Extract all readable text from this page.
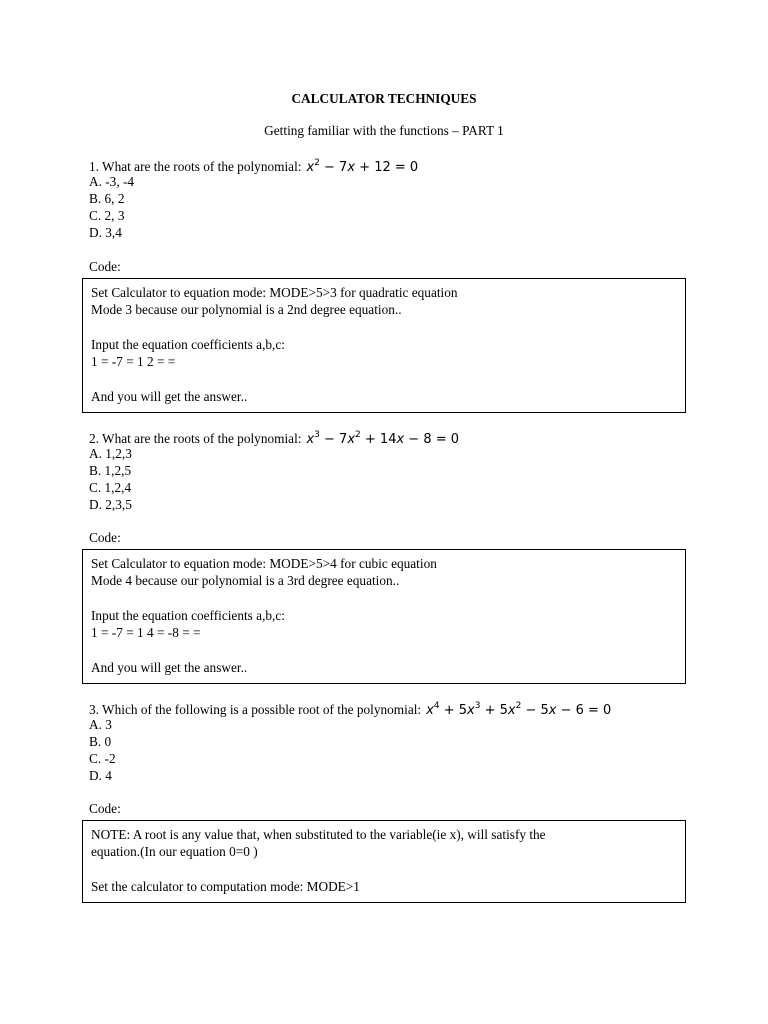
CALCULATOR TECHNIQUES
Getting familiar with the functions – PART 1
1. What are the roots of the polynomial: $x^2 - 7x + 12 = 0$
A. -3, -4
B. 6, 2
C. 2, 3
D. 3,4
Code:
Set Calculator to equation mode: MODE>5>3 for quadratic equation
Mode 3 because our polynomial is a 2nd degree equation..
Input the equation coefficients a,b,c:
1 = -7 = 1 2 = =
And you will get the answer..
2. What are the roots of the polynomial: $x^3 - 7x^2 + 14x - 8 = 0$
A. 1,2,3
B. 1,2,5
C. 1,2,4
D. 2,3,5
Code:
Set Calculator to equation mode: MODE>5>4 for cubic equation
Mode 4 because our polynomial is a 3rd degree equation..
Input the equation coefficients a,b,c:
1 = -7 = 1 4 = -8 = =
And you will get the answer..
3. Which of the following is a possible root of the polynomial: $x^4 + 5x^3 + 5x^2 - 5x - 6 = 0$
A. 3
B. 0
C. -2
D. 4
Code:
NOTE: A root is any value that, when substituted to the variable(ie x), will satisfy the
equation.(In our equation 0=0 )
Set the calculator to computation mode: MODE>1
